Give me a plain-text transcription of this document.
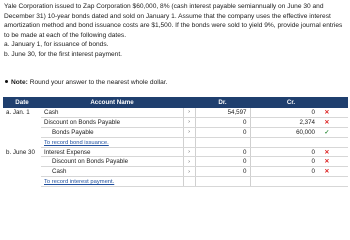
Yale Corporation issued to Zap Corporation $60,000, 8% (cash interest payable semiannually on June 30 and December 31) 10-year bonds dated and sold on January 1. Assume that the company uses the effective interest amortization method and bond issuance costs are $1,500. If the bonds were sold to yield 9%, provide journal entries to be made at each of the following dates.

a. January 1, for issuance of bonds.

b. June 30, for the first interest payment.

Note: Round your answer to the nearest whole dollar.
Date	Account Name		Dr.		Cr.	
a. Jan. 1	Cash	›	54,597		0	✕
	Discount on Bonds Payable	›	0		2,374	✕
	Bonds Payable	›	0		60,000	✓
	To record bond issuance.					
b. June 30	Interest Expense	›	0		0	✕
	Discount on Bonds Payable	›	0		0	✕
	Cash	›	0		0	✕
	To record interest payment.					
